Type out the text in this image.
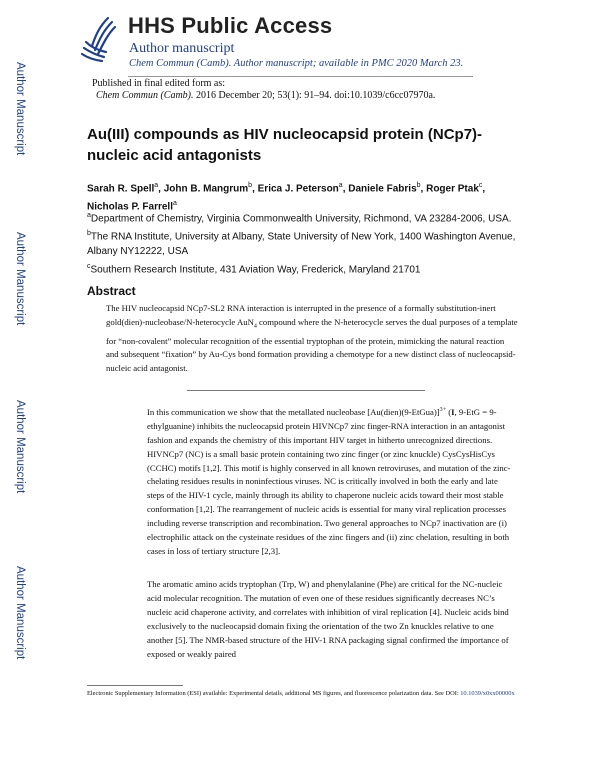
HHS Public Access
Author manuscript
Chem Commun (Camb). Author manuscript; available in PMC 2020 March 23.
Published in final edited form as:
Chem Commun (Camb). 2016 December 20; 53(1): 91–94. doi:10.1039/c6cc07970a.
Author Manuscript
Author Manuscript
Author Manuscript
Author Manuscript
Au(III) compounds as HIV nucleocapsid protein (NCp7)-nucleic acid antagonists
Sarah R. Spell$^a$, John B. Mangrum$^b$, Erica J. Peterson$^a$, Daniele Fabris$^b$, Roger Ptak$^c$, Nicholas P. Farrell$^a$
$^a$Department of Chemistry, Virginia Commonwealth University, Richmond, VA 23284-2006, USA.
$^b$The RNA Institute, University at Albany, State University of New York, 1400 Washington Avenue, Albany NY12222, USA
$^c$Southern Research Institute, 431 Aviation Way, Frederick, Maryland 21701
Abstract
The HIV nucleocapsid NCp7-SL2 RNA interaction is interrupted in the presence of a formally substitution-inert gold(dien)-nucleobase/N-heterocycle AuN$_4$ compound where the N-heterocycle serves the dual purposes of a template for “non-covalent” molecular recognition of the essential tryptophan of the protein, mimicking the natural reaction and subsequent “fixation” by Au-Cys bond formation providing a chemotype for a new distinct class of nucleocapsid-nucleic acid antagonist.
In this communication we show that the metallated nucleobase [Au(dien)(9-EtGua)]$^{3+}$ (I, 9-EtG = 9-ethylguanine) inhibits the nucleocapsid protein HIVNCp7 zinc finger-RNA interaction in an antagonist fashion and expands the chemistry of this important HIV target in hitherto unrecognized directions. HIVNCp7 (NC) is a small basic protein containing two zinc finger (or zinc knuckle) CysCysHisCys (CCHC) motifs [1,2]. This motif is highly conserved in all known retroviruses, and mutation of the zinc-chelating residues results in noninfectious viruses. NC is critically involved in both the early and late steps of the HIV-1 cycle, mainly through its ability to chaperone nucleic acids toward their most stable conformation [1,2]. The rearrangement of nucleic acids is essential for many viral replication processes including reverse transcription and recombination. Two general approaches to NCp7 inactivation are (i) electrophilic attack on the cysteinate residues of the zinc fingers and (ii) zinc chelation, resulting in both cases in loss of tertiary structure [2,3].
The aromatic amino acids tryptophan (Trp, W) and phenylalanine (Phe) are critical for the NC-nucleic acid molecular recognition. The mutation of even one of these residues significantly decreases NC’s nucleic acid chaperone activity, and correlates with inhibition of viral replication [4]. Nucleic acids bind exclusively to the nucleocapsid domain fixing the orientation of the two Zn knuckles relative to one another [5]. The NMR-based structure of the HIV-1 RNA packaging signal confirmed the importance of exposed or weakly paired
Electronic Supplementary Information (ESI) available: Experimental details, additional MS figures, and fluorescence polarization data. See DOI: 10.1039/x0xx00000x
